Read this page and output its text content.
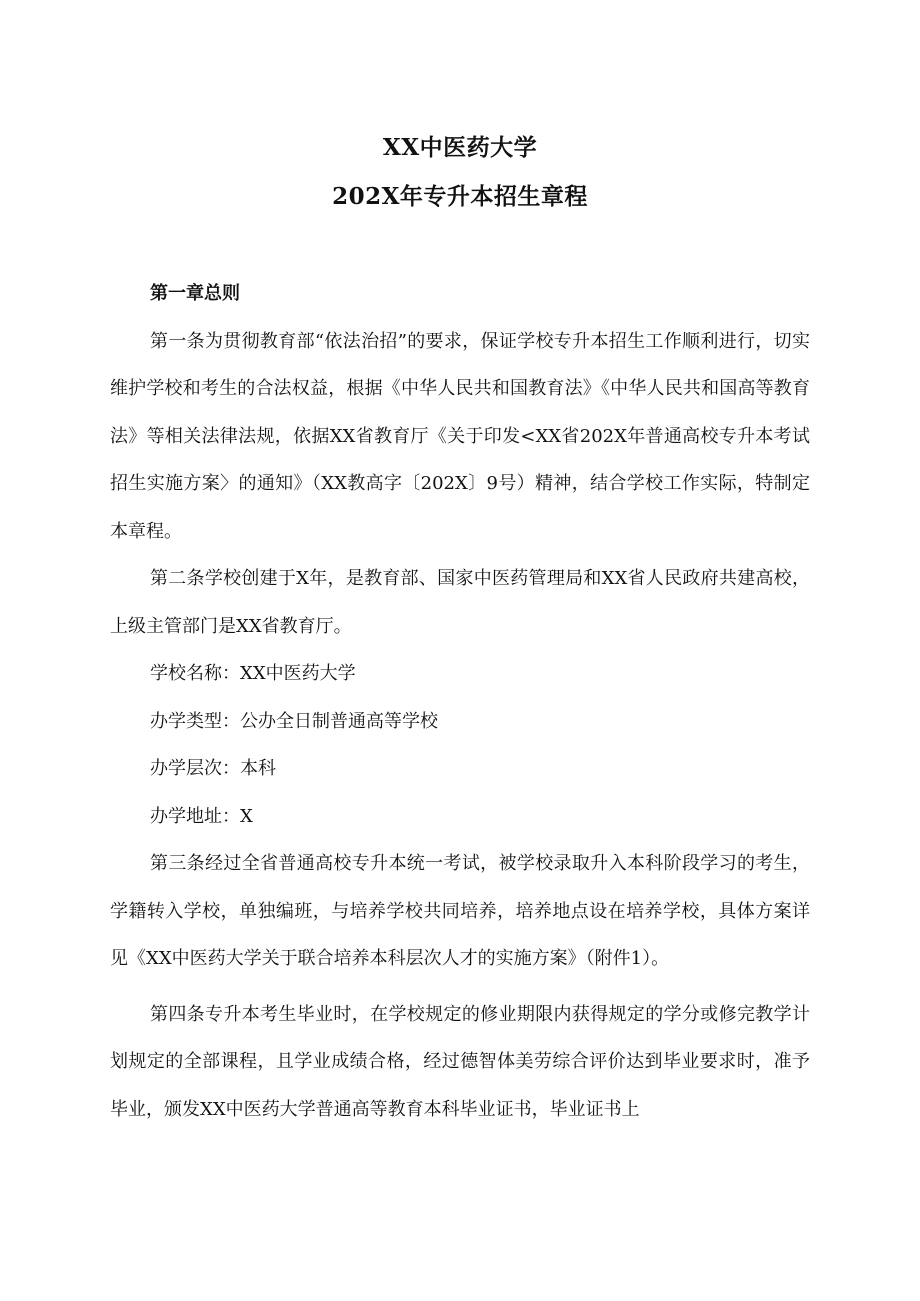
XX中医药大学
202X年专升本招生章程

第一章总则

第一条为贯彻教育部“依法治招”的要求，保证学校专升本招生工作顺利进行，切实维护学校和考生的合法权益，根据《中华人民共和国教育法》《中华人民共和国高等教育法》等相关法律法规，依据XX省教育厅《关于印发<XX省202X年普通高校专升本考试招生实施方案〉的通知》（XX教高字〔202X〕9号）精神，结合学校工作实际，特制定本章程。

第二条学校创建于X年，是教育部、国家中医药管理局和XX省人民政府共建高校，上级主管部门是XX省教育厅。

学校名称：XX中医药大学

办学类型：公办全日制普通高等学校

办学层次：本科

办学地址：X

第三条经过全省普通高校专升本统一考试，被学校录取升入本科阶段学习的考生，学籍转入学校，单独编班，与培养学校共同培养，培养地点设在培养学校，具体方案详见《XX中医药大学关于联合培养本科层次人才的实施方案》（附件1）。

第四条专升本考生毕业时，在学校规定的修业期限内获得规定的学分或修完教学计划规定的全部课程，且学业成绩合格，经过德智体美劳综合评价达到毕业要求时，准予毕业，颁发XX中医药大学普通高等教育本科毕业证书，毕业证书上
